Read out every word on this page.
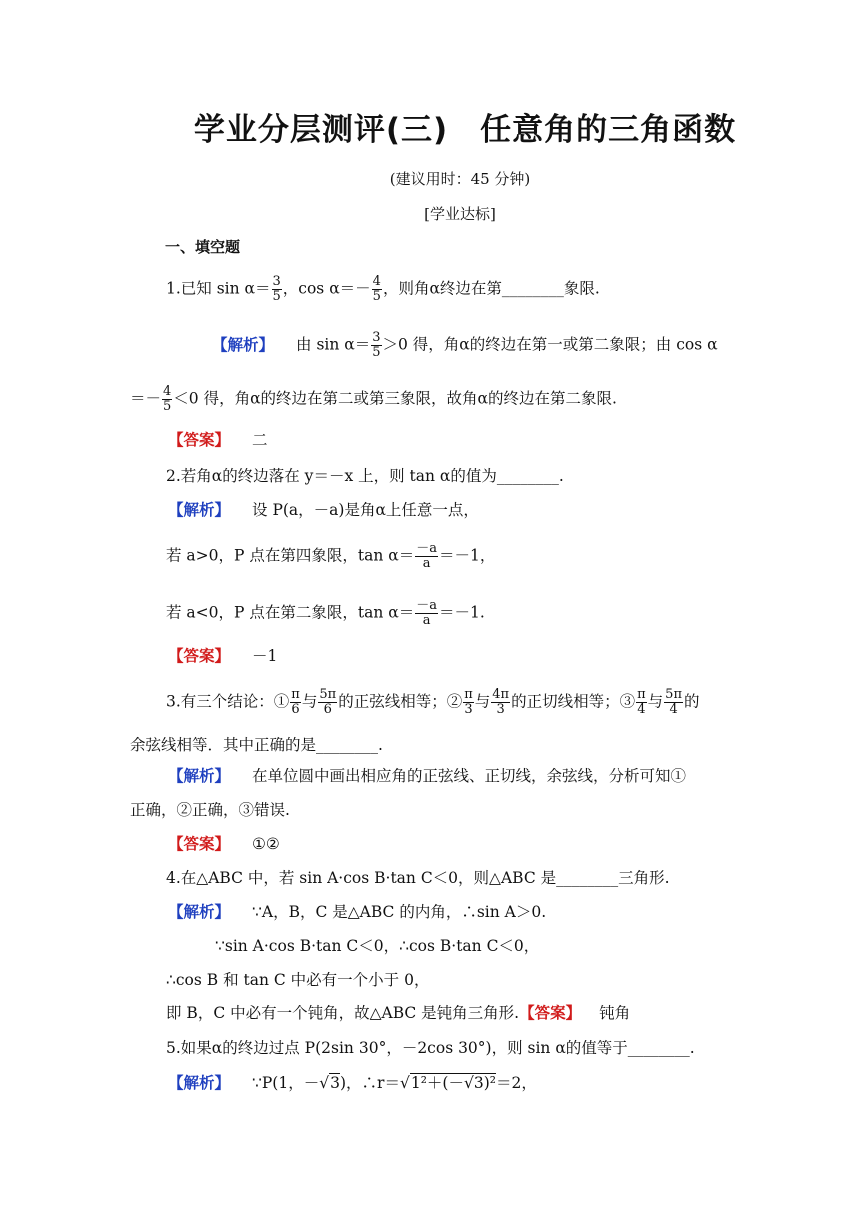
学业分层测评(三)　任意角的三角函数
(建议用时：45 分钟)
[学业达标]
一、填空题
1.已知 $\sin \alpha= \frac{3}{5}$ ，$\cos \alpha=- \frac{4}{5}$ ，则角α终边在第________象限.
【解析】 由 $\sin \alpha= \frac{3}{5} >0$ 得，角α的终边在第一或第二象限；由 cos α
＝－ $\frac{4}{5} <0$ 得，角α的终边在第二或第三象限，故角α的终边在第二象限.
【答案】 二
2.若角α的终边落在 y＝－x 上，则 tan α的值为________.
【解析】 设 P(a，－a)是角α上任意一点，
若 a>0，P 点在第四象限，$\tan \alpha= \frac{-a}{a} =-1$，
若 a<0，P 点在第二象限，$\tan \alpha= \frac{-a}{a} =-1$.
【答案】 －1
3.有三个结论：① $\frac{\pi}{6}$ 与 $\frac{5\pi}{6}$ 的正弦线相等；② $\frac{\pi}{3}$ 与 $\frac{4\pi}{3}$ 的正切线相等；③ $\frac{\pi}{4}$ 与 $\frac{5\pi}{4}$ 的
余弦线相等．其中正确的是________.
【解析】 在单位圆中画出相应角的正弦线、正切线，余弦线，分析可知①
正确，②正确，③错误.
【答案】 ①②
4.在△ABC 中，若 sin A·cos B·tan C＜0，则△ABC 是________三角形.
【解析】 ∵A，B，C 是△ABC 的内角，∴sin A＞0.
∵sin A·cos B·tan C＜0，∴cos B·tan C＜0，
∴cos B 和 tan C 中必有一个小于 0，
即 B，C 中必有一个钝角，故△ABC 是钝角三角形.【答案】 钝角
5.如果α的终边过点 P(2sin 30°，－2cos 30°)，则 sin α的值等于________.
【解析】 ∵P(1，－√3)，∴r＝√1²＋(－√3)²＝2，
